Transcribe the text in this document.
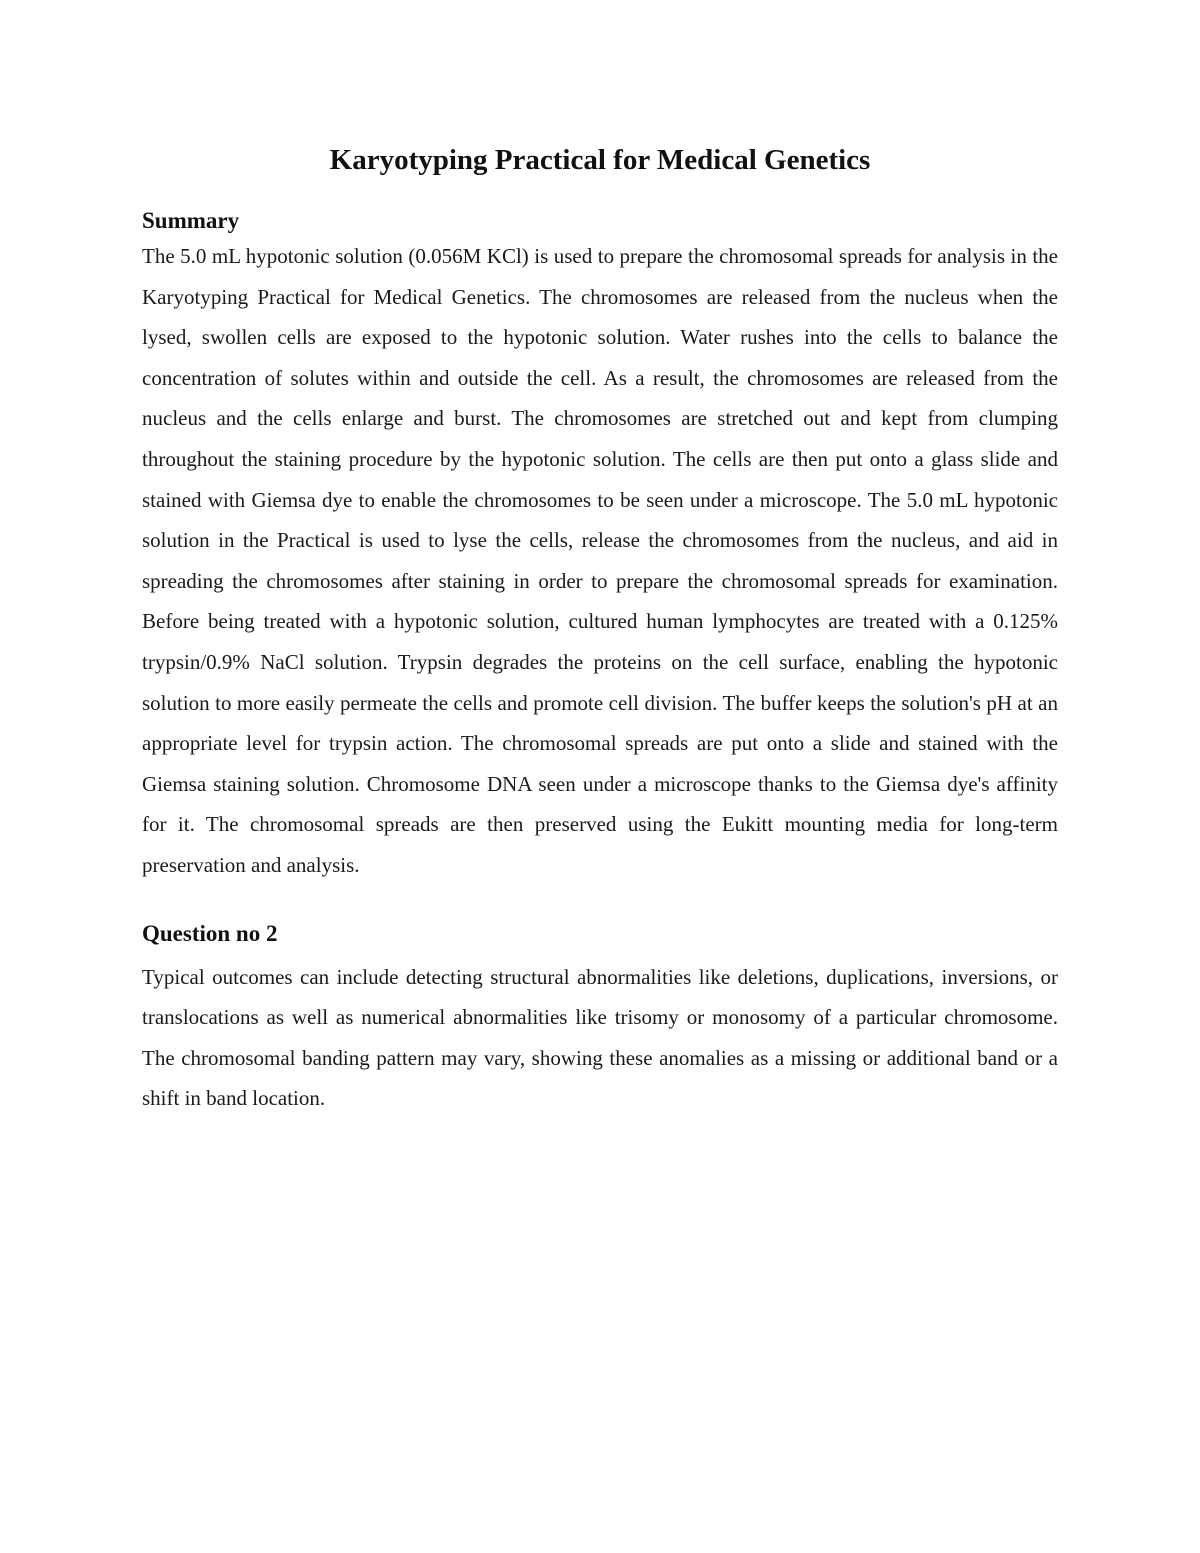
Karyotyping Practical for Medical Genetics
Summary

The 5.0 mL hypotonic solution (0.056M KCl) is used to prepare the chromosomal spreads for analysis in the Karyotyping Practical for Medical Genetics. The chromosomes are released from the nucleus when the lysed, swollen cells are exposed to the hypotonic solution. Water rushes into the cells to balance the concentration of solutes within and outside the cell. As a result, the chromosomes are released from the nucleus and the cells enlarge and burst. The chromosomes are stretched out and kept from clumping throughout the staining procedure by the hypotonic solution. The cells are then put onto a glass slide and stained with Giemsa dye to enable the chromosomes to be seen under a microscope. The 5.0 mL hypotonic solution in the Practical is used to lyse the cells, release the chromosomes from the nucleus, and aid in spreading the chromosomes after staining in order to prepare the chromosomal spreads for examination. Before being treated with a hypotonic solution, cultured human lymphocytes are treated with a 0.125% trypsin/0.9% NaCl solution. Trypsin degrades the proteins on the cell surface, enabling the hypotonic solution to more easily permeate the cells and promote cell division. The buffer keeps the solution's pH at an appropriate level for trypsin action. The chromosomal spreads are put onto a slide and stained with the Giemsa staining solution. Chromosome DNA seen under a microscope thanks to the Giemsa dye's affinity for it. The chromosomal spreads are then preserved using the Eukitt mounting media for long-term preservation and analysis.

Question no 2

Typical outcomes can include detecting structural abnormalities like deletions, duplications, inversions, or translocations as well as numerical abnormalities like trisomy or monosomy of a particular chromosome. The chromosomal banding pattern may vary, showing these anomalies as a missing or additional band or a shift in band location.
